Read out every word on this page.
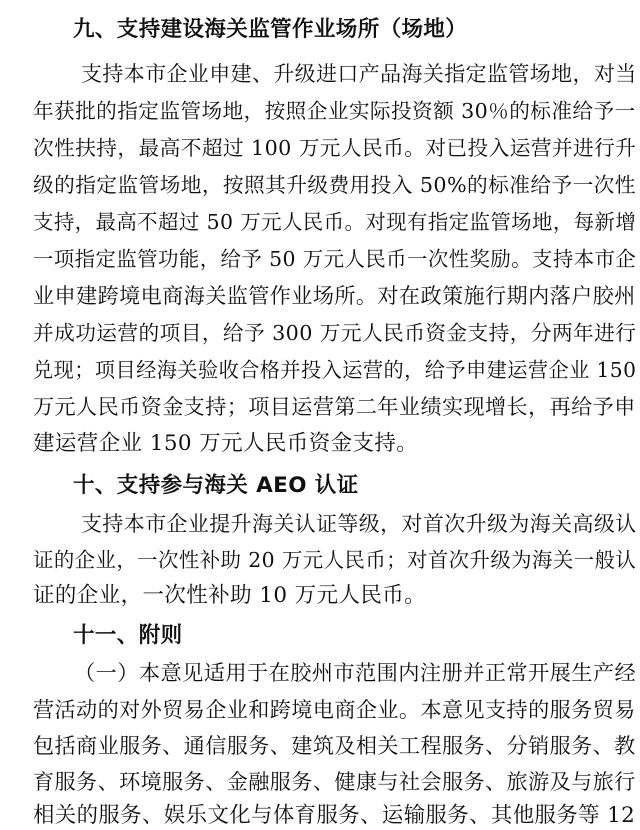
九、支持建设海关监管作业场所（场地）
支持本市企业申建、升级进口产品海关指定监管场地，对当
年获批的指定监管场地，按照企业实际投资额 30％的标准给予一
次性扶持，最高不超过 100 万元人民币。对已投入运营并进行升
级的指定监管场地，按照其升级费用投入 50%的标准给予一次性
支持，最高不超过 50 万元人民币。对现有指定监管场地，每新增
一项指定监管功能，给予 50 万元人民币一次性奖励。支持本市企
业申建跨境电商海关监管作业场所。对在政策施行期内落户胶州
并成功运营的项目，给予 300 万元人民币资金支持，分两年进行
兑现；项目经海关验收合格并投入运营的，给予申建运营企业 150
万元人民币资金支持；项目运营第二年业绩实现增长，再给予申
建运营企业 150 万元人民币资金支持。
十、支持参与海关 AEO 认证
支持本市企业提升海关认证等级，对首次升级为海关高级认
证的企业，一次性补助 20 万元人民币；对首次升级为海关一般认
证的企业，一次性补助 10 万元人民币。
十一、附则
（一）本意见适用于在胶州市范围内注册并正常开展生产经
营活动的对外贸易企业和跨境电商企业。本意见支持的服务贸易
包括商业服务、通信服务、建筑及相关工程服务、分销服务、教
育服务、环境服务、金融服务、健康与社会服务、旅游及与旅行
相关的服务、娱乐文化与体育服务、运输服务、其他服务等 12
